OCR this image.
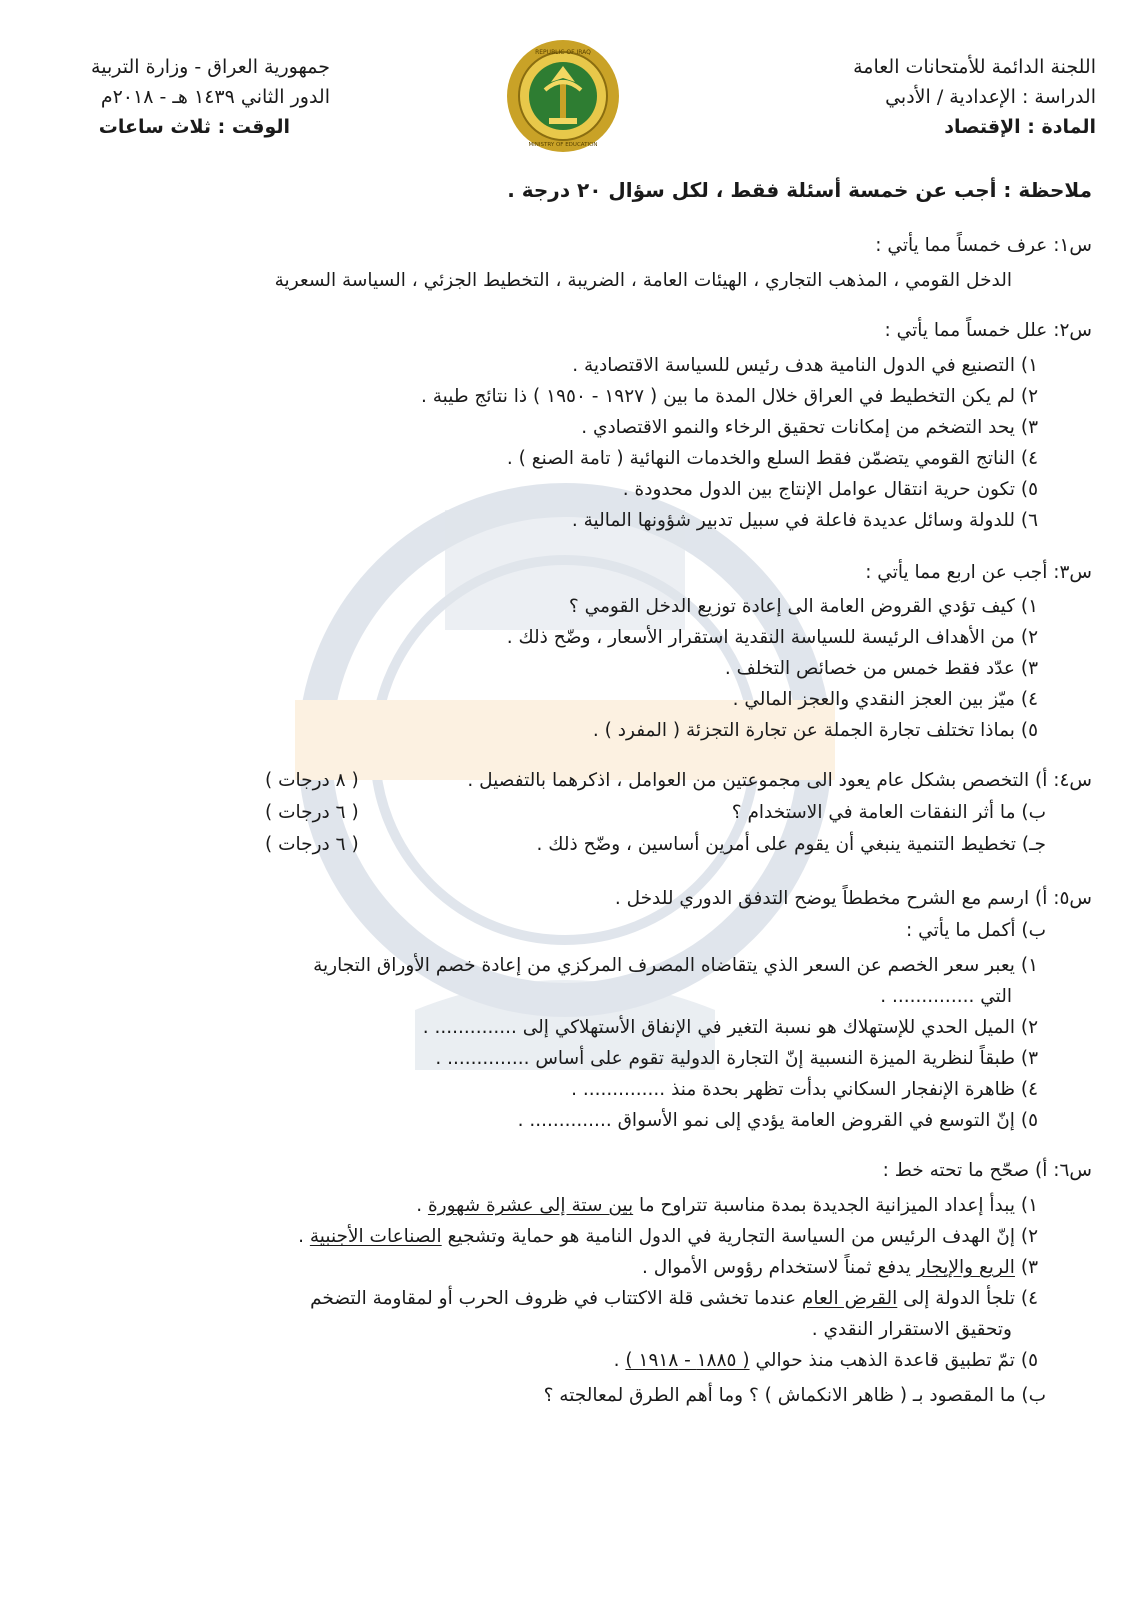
اللجنة الدائمة للأمتحانات العامة
الدراسة : الإعدادية / الأدبي
المادة : الإقتصاد
REPUBLIC OF IRAQ
MINISTRY OF EDUCATION
جمهورية العراق - وزارة التربية
الدور الثاني ١٤٣٩ هـ - ٢٠١٨م
الوقت : ثلاث ساعات
ملاحظة : أجب عن خمسة أسئلة فقط ، لكل سؤال ٢٠ درجة .
س١: عرف خمساً مما يأتي :
الدخل القومي ، المذهب التجاري ، الهيئات العامة ، الضريبة ، التخطيط الجزئي ، السياسة السعرية
س٢: علل خمساً مما يأتي :
١) التصنيع في الدول النامية هدف رئيس للسياسة الاقتصادية .
٢) لم يكن التخطيط في العراق خلال المدة ما بين ( ١٩٢٧ - ١٩٥٠ ) ذا نتائج طيبة .
٣) يحد التضخم من إمكانات تحقيق الرخاء والنمو الاقتصادي .
٤) الناتج القومي يتضمّن فقط السلع والخدمات النهائية ( تامة الصنع ) .
٥) تكون حرية انتقال عوامل الإنتاج بين الدول محدودة .
٦) للدولة وسائل عديدة فاعلة في سبيل تدبير شؤونها المالية .
س٣: أجب عن اربع مما يأتي :
١) كيف تؤدي القروض العامة الى إعادة توزيع الدخل القومي ؟
٢) من الأهداف الرئيسة للسياسة النقدية استقرار الأسعار ، وضّح ذلك .
٣) عدّد فقط خمس من خصائص التخلف .
٤) ميّز بين العجز النقدي والعجز المالي .
٥) بماذا تختلف تجارة الجملة عن تجارة التجزئة ( المفرد ) .
س٤: أ) التخصص بشكل عام يعود الى مجموعتين من العوامل ، اذكرهما بالتفصيل .
( ٨ درجات )
ب) ما أثر النفقات العامة في الاستخدام ؟
( ٦ درجات )
جـ) تخطيط التنمية ينبغي أن يقوم على أمرين أساسين ، وضّح ذلك .
( ٦ درجات )
س٥: أ) ارسم مع الشرح مخططاً يوضح التدفق الدوري للدخل .
ب) أكمل ما يأتي :
١) يعبر سعر الخصم عن السعر الذي يتقاضاه المصرف المركزي من إعادة خصم الأوراق التجارية
التي .............. .
٢) الميل الحدي للإستهلاك هو نسبة التغير في الإنفاق الأستهلاكي إلى .............. .
٣) طبقاً لنظرية الميزة النسبية إنّ التجارة الدولية تقوم على أساس .............. .
٤) ظاهرة الإنفجار السكاني بدأت تظهر بحدة منذ .............. .
٥) إنّ التوسع في القروض العامة يؤدي إلى نمو الأسواق .............. .
س٦: أ) صحّح ما تحته خط :
١) يبدأ إعداد الميزانية الجديدة بمدة مناسبة تتراوح ما بين ستة إلى عشرة شهورة .
٢) إنّ الهدف الرئيس من السياسة التجارية في الدول النامية هو حماية وتشجيع الصناعات الأجنبية .
٣) الريع والإيجار يدفع ثمناً لاستخدام رؤوس الأموال .
٤) تلجأ الدولة إلى القرض العام عندما تخشى قلة الاكتتاب في ظروف الحرب أو لمقاومة التضخم
وتحقيق الاستقرار النقدي .
٥) تمّ تطبيق قاعدة الذهب منذ حوالي ( ١٨٨٥ - ١٩١٨ ) .
ب) ما المقصود بـ ( ظاهر الانكماش ) ؟ وما أهم الطرق لمعالجته ؟
